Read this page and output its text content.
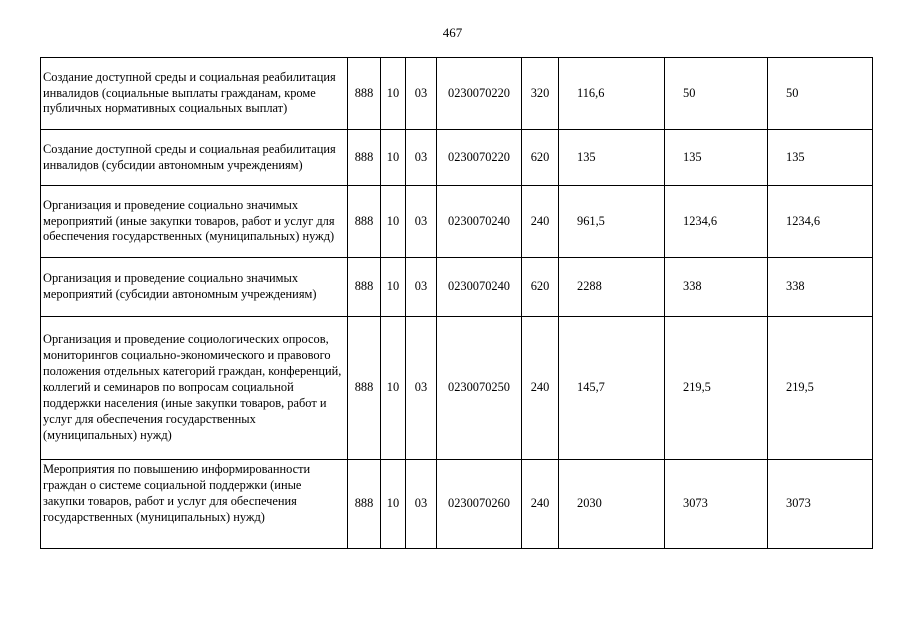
467
Создание доступной среды и социальная реабилитация инвалидов (социальные выплаты гражданам, кроме публичных нормативных социальных выплат)	888	10	03	0230070220	320	116,6	50	50
Создание доступной среды и социальная реабилитация инвалидов (субсидии автономным учреждениям)	888	10	03	0230070220	620	135	135	135
Организация и проведение социально значимых мероприятий (иные закупки товаров, работ и услуг для обеспечения государственных (муниципальных) нужд)	888	10	03	0230070240	240	961,5	1234,6	1234,6
Организация и проведение социально значимых мероприятий (субсидии автономным учреждениям)	888	10	03	0230070240	620	2288	338	338
Организация и проведение социологических опросов, мониторингов социально-экономического и правового положения отдельных категорий граждан, конференций, коллегий и семинаров по вопросам социальной поддержки населения (иные закупки товаров, работ и услуг для обеспечения государственных (муниципальных) нужд)	888	10	03	0230070250	240	145,7	219,5	219,5
Мероприятия по повышению информированности граждан о системе социальной поддержки (иные закупки товаров, работ и услуг для обеспечения государственных (муниципальных) нужд)	888	10	03	0230070260	240	2030	3073	3073
